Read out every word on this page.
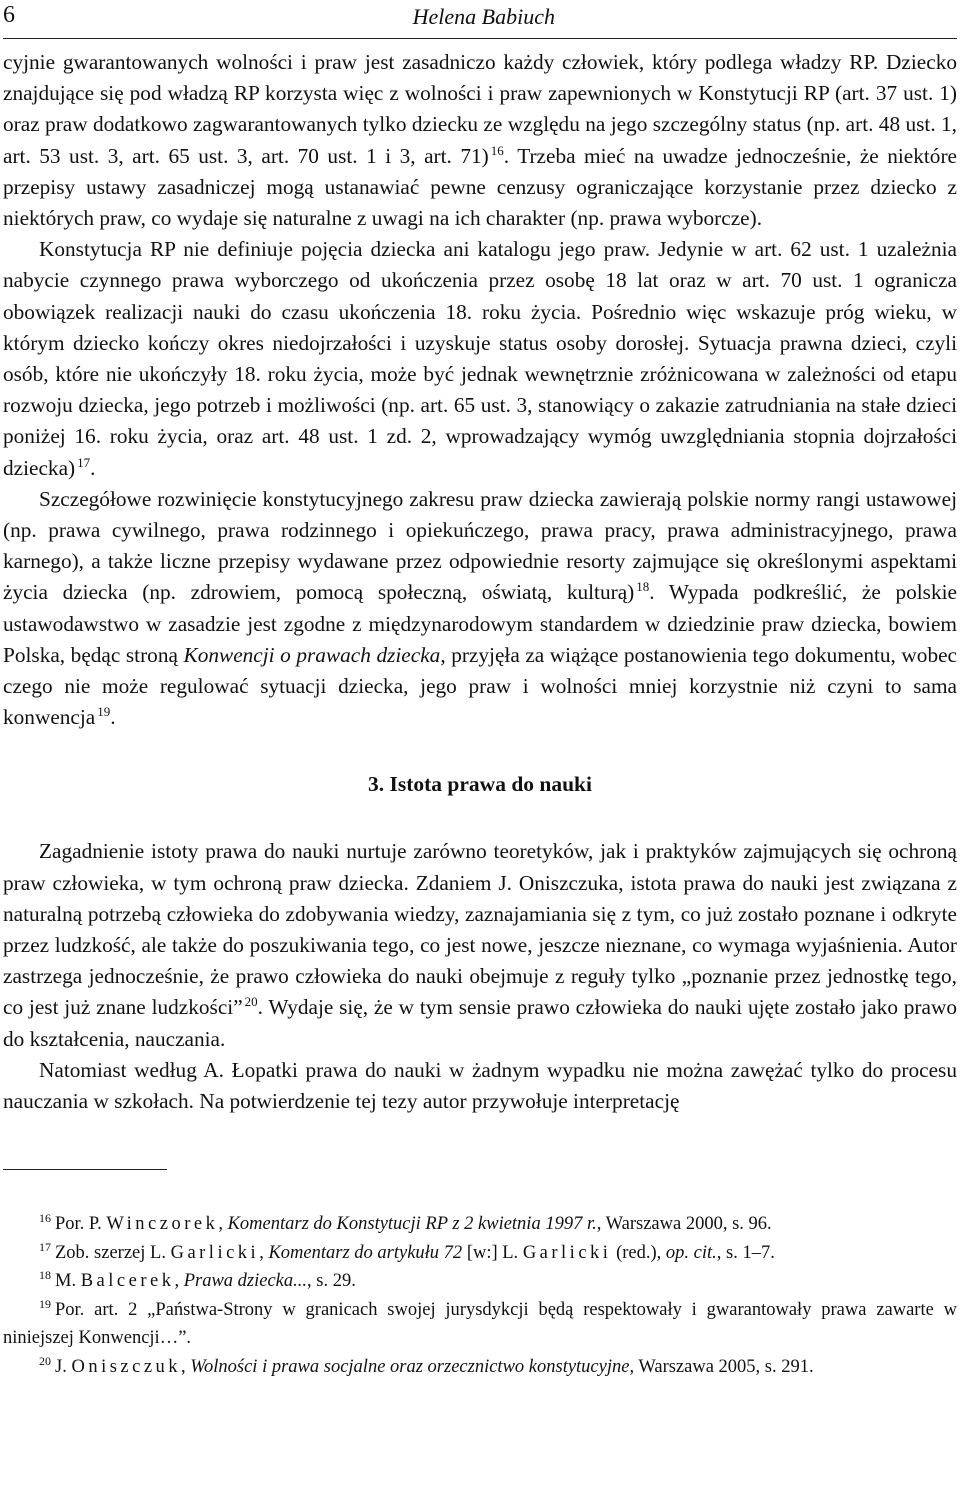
6	Helena Babiuch

cyjnie gwarantowanych wolności i praw jest zasadniczo każdy człowiek, który podlega władzy RP. Dziecko znajdujące się pod władzą RP korzysta więc z wolności i praw zapewnionych w Konstytucji RP (art. 37 ust. 1) oraz praw dodatkowo zagwarantowanych tylko dziecku ze względu na jego szczególny status (np. art. 48 ust. 1, art. 53 ust. 3, art. 65 ust. 3, art. 70 ust. 1 i 3, art. 71) $^{16}$. Trzeba mieć na uwadze jednocześnie, że niektóre przepisy ustawy zasadniczej mogą ustanawiać pewne cenzusy ograniczające korzystanie przez dziecko z niektórych praw, co wydaje się naturalne z uwagi na ich charakter (np. prawa wyborcze).

Konstytucja RP nie definiuje pojęcia dziecka ani katalogu jego praw. Jedynie w art. 62 ust. 1 uzależnia nabycie czynnego prawa wyborczego od ukończenia przez osobę 18 lat oraz w art. 70 ust. 1 ogranicza obowiązek realizacji nauki do czasu ukończenia 18. roku życia. Pośrednio więc wskazuje próg wieku, w którym dziecko kończy okres niedojrzałości i uzyskuje status osoby dorosłej. Sytuacja prawna dzieci, czyli osób, które nie ukończyły 18. roku życia, może być jednak wewnętrznie zróżnicowana w zależności od etapu rozwoju dziecka, jego potrzeb i możliwości (np. art. 65 ust. 3, stanowiący o zakazie zatrudniania na stałe dzieci poniżej 16. roku życia, oraz art. 48 ust. 1 zd. 2, wprowadzający wymóg uwzględniania stopnia dojrzałości dziecka) $^{17}$.

Szczegółowe rozwinięcie konstytucyjnego zakresu praw dziecka zawierają polskie normy rangi ustawowej (np. prawa cywilnego, prawa rodzinnego i opiekuńczego, prawa pracy, prawa administracyjnego, prawa karnego), a także liczne przepisy wydawane przez odpowiednie resorty zajmujące się określonymi aspektami życia dziecka (np. zdrowiem, pomocą społeczną, oświatą, kulturą) $^{18}$. Wypada podkreślić, że polskie ustawodawstwo w zasadzie jest zgodne z międzynarodowym standardem w dziedzinie praw dziecka, bowiem Polska, będąc stroną Konwencji o prawach dziecka, przyjęła za wiążące postanowienia tego dokumentu, wobec czego nie może regulować sytuacji dziecka, jego praw i wolności mniej korzystnie niż czyni to sama konwencja $^{19}$.

3. Istota prawa do nauki

Zagadnienie istoty prawa do nauki nurtuje zarówno teoretyków, jak i praktyków zajmujących się ochroną praw człowieka, w tym ochroną praw dziecka. Zdaniem J. Oniszczuka, istota prawa do nauki jest związana z naturalną potrzebą człowieka do zdobywania wiedzy, zaznajamiania się z tym, co już zostało poznane i odkryte przez ludzkość, ale także do poszukiwania tego, co jest nowe, jeszcze nieznane, co wymaga wyjaśnienia. Autor zastrzega jednocześnie, że prawo człowieka do nauki obejmuje z reguły tylko „poznanie przez jednostkę tego, co jest już znane ludzkości” $^{20}$. Wydaje się, że w tym sensie prawo człowieka do nauki ujęte zostało jako prawo do kształcenia, nauczania.

Natomiast według A. Łopatki prawa do nauki w żadnym wypadku nie można zawężać tylko do procesu nauczania w szkołach. Na potwierdzenie tej tezy autor przywołuje interpretację

$^{16}$ Por. P. Winczorek, Komentarz do Konstytucji RP z 2 kwietnia 1997 r., Warszawa 2000, s. 96.

$^{17}$ Zob. szerzej L. Garlicki, Komentarz do artykułu 72 [w:] L. Garlicki (red.), op. cit., s. 1–7.

$^{18}$ M. Balcerek, Prawa dziecka..., s. 29.

$^{19}$ Por. art. 2 „Państwa-Strony w granicach swojej jurysdykcji będą respektowały i gwarantowały prawa zawarte w niniejszej Konwencji…”.

$^{20}$ J. Oniszczuk, Wolności i prawa socjalne oraz orzecznictwo konstytucyjne, Warszawa 2005, s. 291.
